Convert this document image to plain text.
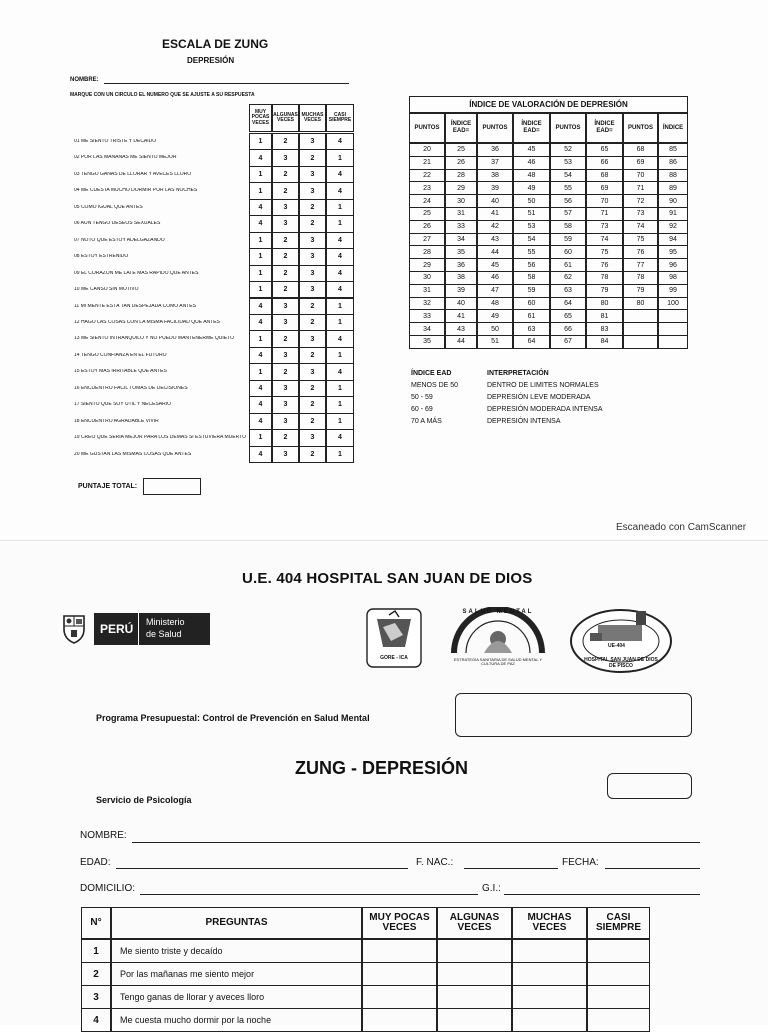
ESCALA DE ZUNG
DEPRESIÓN
NOMBRE:
MARQUE CON UN CIRCULO EL NUMERO QUE SE AJUSTE A SU RESPUESTA
MUY POCAS VECES
ALGUNAS VECES
MUCHAS VECES
CASI SIEMPRE
01 ME SIENTO TRISTE Y DECAIDO	1	2	3	4
02 POR LAS MAÑANAS ME SIENTO MEJOR	4	3	2	1
03 TENGO GANAS DE LLORAR Y AVECES LLORO	1	2	3	4
04 ME CUESTA MUCHO DORMIR POR LAS NOCHES	1	2	3	4
05 COMO IGUAL QUE ANTES	4	3	2	1
06 AUN TENGO DESEOS SEXUALES	4	3	2	1
07 NOTO QUE ESTOY ADELGAZANDO	1	2	3	4
08 ESTOY ESTREÑIDO	1	2	3	4
09 EL CORAZÓN ME LATE MAS RÁPIDO QUE ANTES	1	2	3	4
10 ME CANSO SIN MOTIVO	1	2	3	4
11 MI MENTE ESTÁ TAN DESPEJADA COMO ANTES	4	3	2	1
12 HAGO LAS COSAS CON LA MISMA FACILIDAD QUE ANTES	4	3	2	1
13 ME SIENTO INTRANQUILO Y NO PUEDO MANTENERME QUIETO	1	2	3	4
14 TENGO CONFIANZA EN EL FUTURO	4	3	2	1
15 ESTOY MÁS IRRITABLE QUE ANTES	1	2	3	4
16 ENCUENTRO FÁCIL TOMAS DE DECISIONES	4	3	2	1
17 SIENTO QUE SOY ÚTIL Y NECESARIO	4	3	2	1
18 ENCUENTRO AGRADABLE VIVIR	4	3	2	1
19 CREO QUE SERIA MEJOR PARA LOS DEMÁS SI ESTUVIERA MUERTO	1	2	3	4
20 ME GUSTAN LAS MISMAS COSAS QUE ANTES	4	3	2	1
PUNTAJE TOTAL:
ÍNDICE DE VALORACIÓN DE DEPRESIÓN
PUNTOS
ÍNDICE EAD=
PUNTOS
ÍNDICE EAD=
PUNTOS
ÍNDICE EAD=
PUNTOS	ÍNDICE
20	25	36	45	52	65	68	85
21	26	37	46	53	66	69	86
22	28	38	48	54	68	70	88
23	29	39	49	55	69	71	89
24	30	40	50	56	70	72	90
25	31	41	51	57	71	73	91
26	33	42	53	58	73	74	92
27	34	43	54	59	74	75	94
28	35	44	55	60	75	76	95
29	36	45	56	61	76	77	96
30	38	46	58	62	78	78	98
31	39	47	59	63	79	79	99
32	40	48	60	64	80	80	100
33	41	49	61	65	81
34	43	50	63	66	83
35	44	51	64	67	84
ÍNDICE EAD	INTERPRETACIÓN
MENOS DE 50	DENTRO DE LIMITES NORMALES
50 - 59	DEPRESIÓN LEVE MODERADA
60 - 69	DEPRESIÓN MODERADA INTENSA
70 A MÁS	DEPRESIÓN INTENSA
Escaneado con CamScanner
U.E. 404 HOSPITAL SAN JUAN DE DIOS
PERÚ Ministerio
de Salud
GORE - ICA
SALUD MENTAL
ESTRATEGIA SANITARIA DE SALUD MENTAL Y CULTURA DE PAZ
UE-404
HOSPITAL SAN JUAN DE DIOS DE PISCO
Programa Presupuestal: Control de Prevención en Salud Mental
ZUNG - DEPRESIÓN
Servicio de Psicología
NOMBRE:
EDAD:	F. NAC.:	FECHA:
DOMICILIO:	G.I.:
N°	PREGUNTAS	MUY POCAS VECES
ALGUNAS VECES
MUCHAS VECES
CASI SIEMPRE
1	Me siento triste y decaído
2	Por las mañanas me siento mejor
3	Tengo ganas de llorar y aveces lloro
4	Me cuesta mucho dormir por la noche
